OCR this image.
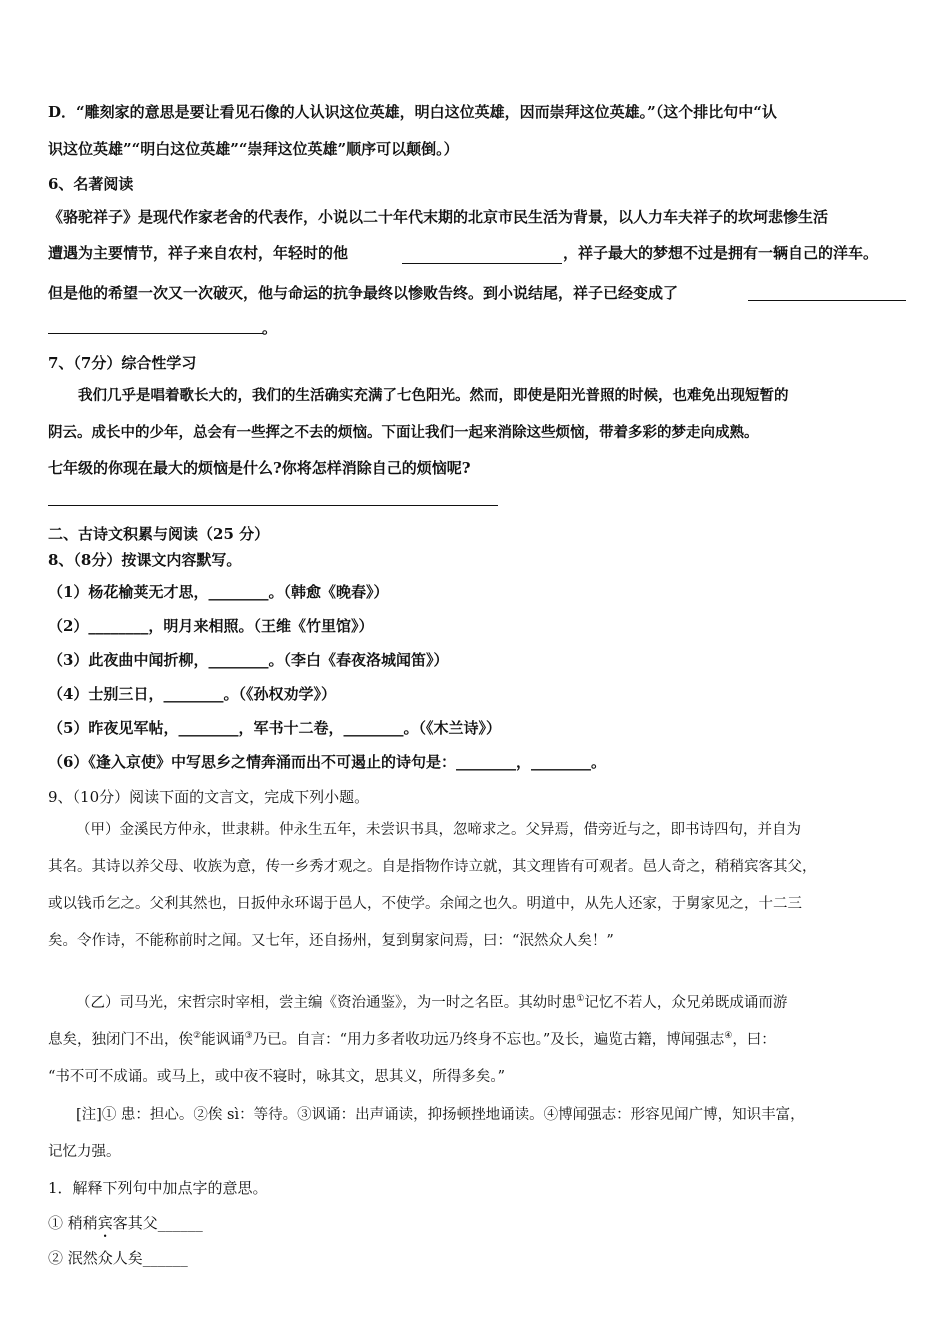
D．“雕刻家的意思是要让看见石像的人认识这位英雄，明白这位英雄，因而崇拜这位英雄。”（这个排比句中“认
识这位英雄”“明白这位英雄”“崇拜这位英雄”顺序可以颠倒。）
6、名著阅读
《骆驼祥子》是现代作家老舍的代表作，小说以二十年代末期的北京市民生活为背景，以人力车夫祥子的坎坷悲惨生活
遭遇为主要情节，祥子来自农村，年轻时的他	，祥子最大的梦想不过是拥有一辆自己的洋车。
但是他的希望一次又一次破灭，他与命运的抗争最终以惨败告终。到小说结尾，祥子已经变成了
。
7、（7分）综合性学习
我们几乎是唱着歌长大的，我们的生活确实充满了七色阳光。然而，即使是阳光普照的时候，也难免出现短暂的
阴云。成长中的少年，总会有一些挥之不去的烦恼。下面让我们一起来消除这些烦恼，带着多彩的梦走向成熟。
七年级的你现在最大的烦恼是什么?你将怎样消除自己的烦恼呢?
二、古诗文积累与阅读（25 分）
8、（8分）按课文内容默写。
（1）杨花榆荚无才思，________。（韩愈《晚春》）
（2）________，明月来相照。（王维《竹里馆》）
（3）此夜曲中闻折柳，________。（李白《春夜洛城闻笛》）
（4）士别三日，________。（《孙权劝学》）
（5）昨夜见军帖，________，军书十二卷，________。（《木兰诗》）
（6）《逢入京使》中写思乡之情奔涌而出不可遏止的诗句是：________，________。
9、（10分）阅读下面的文言文，完成下列小题。
（甲）金溪民方仲永，世隶耕。仲永生五年，未尝识书具，忽啼求之。父异焉，借旁近与之，即书诗四句，并自为
其名。其诗以养父母、收族为意，传一乡秀才观之。自是指物作诗立就，其文理皆有可观者。邑人奇之，稍稍宾客其父，
或以钱币乞之。父利其然也，日扳仲永环谒于邑人，不使学。余闻之也久。明道中，从先人还家，于舅家见之，十二三
矣。令作诗，不能称前时之闻。又七年，还自扬州，复到舅家问焉，曰：“泯然众人矣！”
（乙）司马光，宋哲宗时宰相，尝主编《资治通鉴》，为一时之名臣。其幼时患①记忆不若人，众兄弟既成诵而游
息矣，独闭门不出，俟②能讽诵③乃已。自言：“用力多者收功远乃终身不忘也。”及长，遍览古籍，博闻强志④，曰：
“书不可不成诵。或马上，或中夜不寝时，咏其文，思其义，所得多矣。”
[注]① 患：担心。②俟 sì：等待。③讽诵：出声诵读，抑扬顿挫地诵读。④博闻强志：形容见闻广博，知识丰富，
记忆力强。
1．解释下列句中加点字的意思。
① 稍稍宾客其父______
② 泯然众人矣______
